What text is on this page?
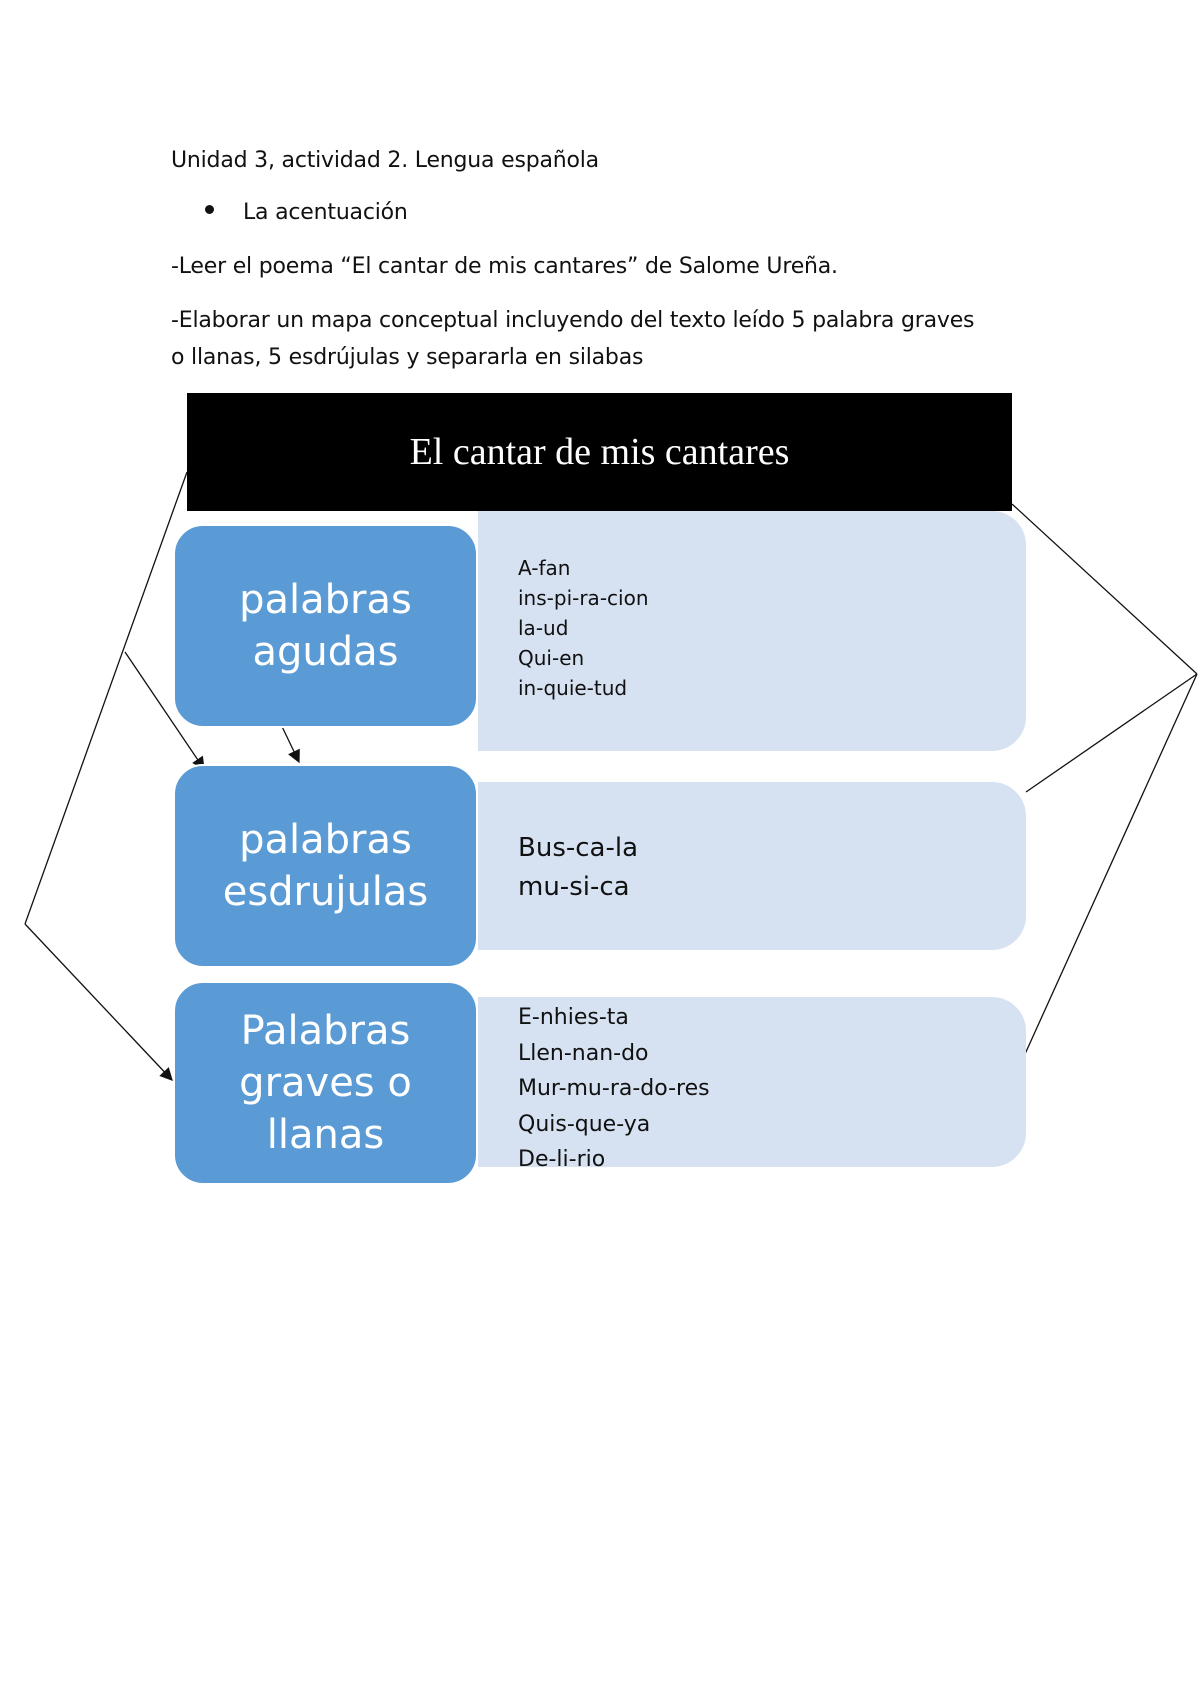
Unidad 3, actividad 2. Lengua española
La acentuación
-Leer el poema “El cantar de mis cantares” de Salome Ureña.
-Elaborar un mapa conceptual incluyendo del texto leído 5 palabra graves
o llanas, 5 esdrújulas y separarla en silabas
El cantar de mis cantares
palabras
agudas
A-fan
ins-pi-ra-cion
la-ud
Qui-en
in-quie-tud
palabras
esdrujulas
Bus-ca-la
mu-si-ca
Palabras
graves o
llanas
E-nhies-ta
Llen-nan-do
Mur-mu-ra-do-res
Quis-que-ya
De-li-rio
